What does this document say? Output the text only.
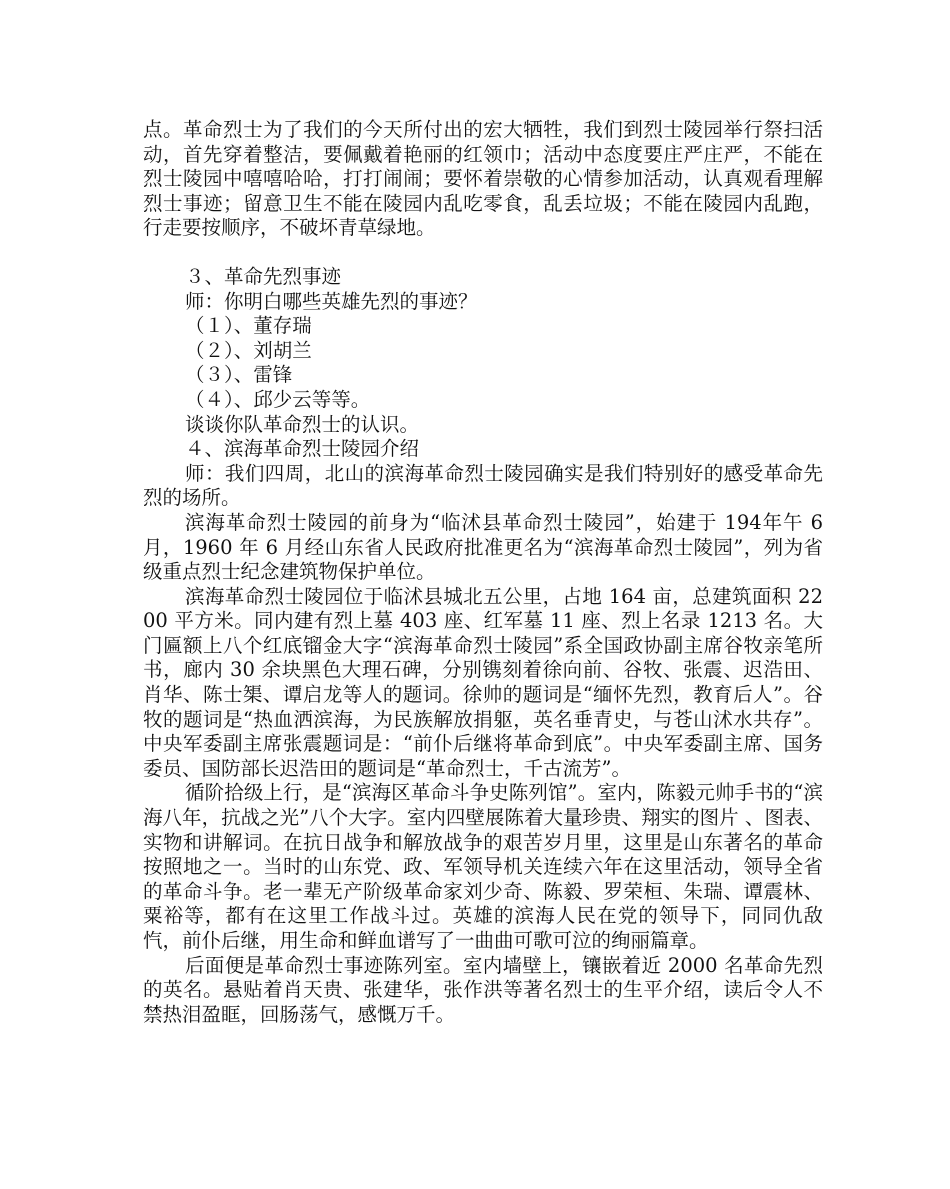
点。革命烈士为了我们的今天所付出的宏大牺牲，我们到烈士陵园举行祭扫活动，首先穿着整洁，要佩戴着艳丽的红领巾；活动中态度要庄严庄严，不能在烈士陵园中嘻嘻哈哈，打打闹闹；要怀着崇敬的心情参加活动，认真观看理解烈士事迹；留意卫生不能在陵园内乱吃零食，乱丢垃圾；不能在陵园内乱跑，行走要按顺序，不破坏青草绿地。

３、革命先烈事迹

师：你明白哪些英雄先烈的事迹？

（１）、董存瑞

（２）、刘胡兰

（３）、雷锋

（４）、邱少云等等。

谈谈你队革命烈士的认识。

４、滨海革命烈士陵园介绍

师：我们四周，北山的滨海革命烈士陵园确实是我们特别好的感受革命先烈的场所。

滨海革命烈士陵园的前身为“临沭县革命烈士陵园”，始建于 194年午 6 月，1960 年 6 月经山东省人民政府批准更名为“滨海革命烈士陵园”，列为省级重点烈士纪念建筑物保护单位。

滨海革命烈士陵园位于临沭县城北五公里，占地 164 亩，总建筑面积 2200 平方米。同内建有烈上墓 403 座、红军墓 11 座、烈上名录 1213 名。大门匾额上八个红底镏金大字“滨海革命烈士陵园”系全国政协副主席谷牧亲笔所书，廊内 30 余块黑色大理石碑，分别镌刻着徐向前、谷牧、张震、迟浩田、肖华、陈士榘、谭启龙等人的题词。徐帅的题词是“缅怀先烈，教育后人”。谷牧的题词是“热血洒滨海，为民族解放捐躯，英名垂青史，与苍山沭水共存”。中央军委副主席张震题词是：“前仆后继将革命到底”。中央军委副主席、国务委员、国防部长迟浩田的题词是“革命烈士，千古流芳”。

循阶拾级上行，是“滨海区革命斗争史陈列馆”。室内，陈毅元帅手书的“滨海八年，抗战之光”八个大字。室内四壁展陈着大量珍贵、翔实的图片 、图表、实物和讲解词。在抗日战争和解放战争的艰苦岁月里，这里是山东著名的革命按照地之一。当时的山东党、政、军领导机关连续六年在这里活动，领导全省的革命斗争。老一辈无产阶级革命家刘少奇、陈毅、罗荣桓、朱瑞、谭震林、粟裕等，都有在这里工作战斗过。英雄的滨海人民在党的领导下，同同仇敌忾，前仆后继，用生命和鲜血谱写了一曲曲可歌可泣的绚丽篇章。

后面便是革命烈士事迹陈列室。室内墙壁上，镶嵌着近 2000 名革命先烈的英名。悬贴着肖天贵、张建华，张作洪等著名烈士的生平介绍，读后令人不禁热泪盈眶，回肠荡气，感慨万千。
